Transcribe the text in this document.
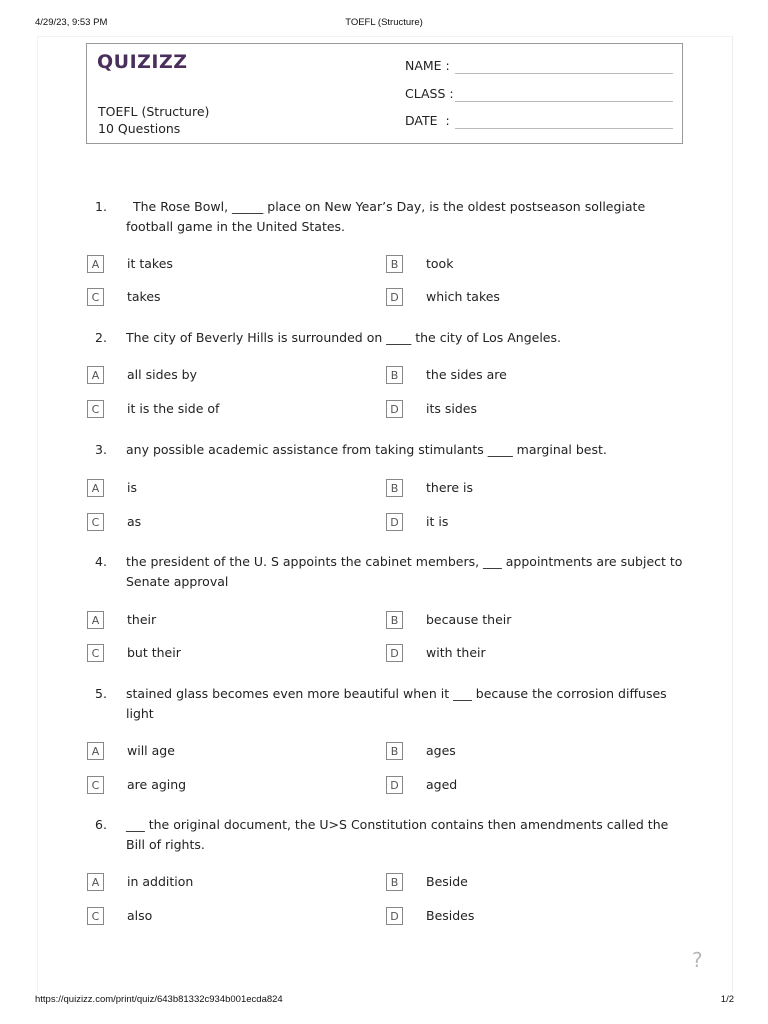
4/29/23, 9:53 PM	TOEFL (Structure)
QUIZIZZ
TOEFL (Structure)
10 Questions
NAME :
CLASS :
DATE  :
1.	The Rose Bowl, _____ place on New Year’s Day, is the oldest postseason sollegiate football game in the United States.
A	it takes	B	took
C	takes	D	which takes
2. The city of Beverly Hills is surrounded on ____ the city of Los Angeles.
A	all sides by	B	the sides are
C	it is the side of	D	its sides
3. any possible academic assistance from taking stimulants ____ marginal best.
A	is	B	there is
C	as	D	it is
4. the president of the U. S appoints the cabinet members, ___ appointments are subject to Senate approval
A	their	B	because their
C	but their	D	with their
5. stained glass becomes even more beautiful when it ___ because the corrosion diffuses light
A	will age	B	ages
C	are aging	D	aged
6. ___ the original document, the U>S Constitution contains then amendments called the Bill of rights.
A	in addition	B	Beside
C	also	D	Besides
?
https://quizizz.com/print/quiz/643b81332c934b001ecda824	1/2
